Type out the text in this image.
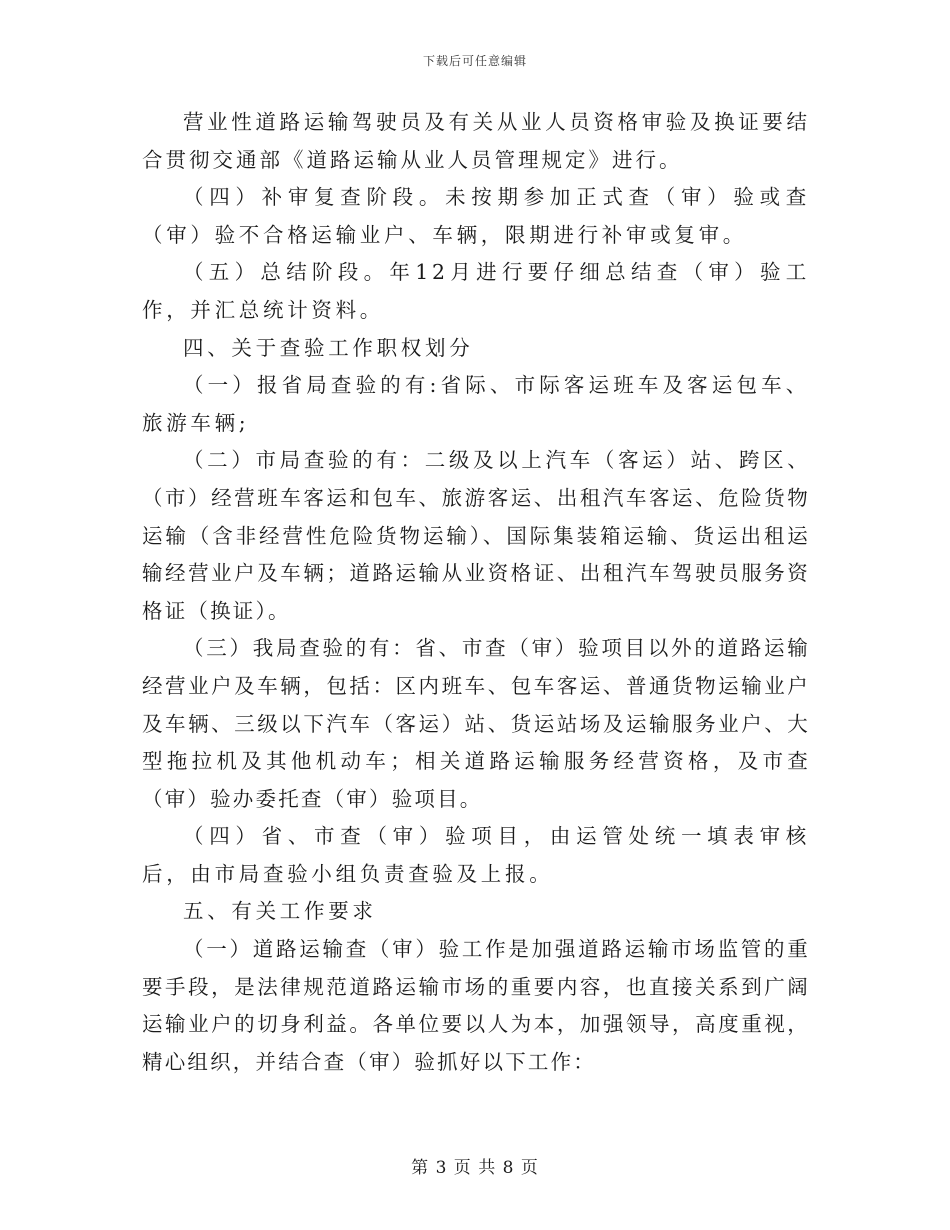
下载后可任意编辑

营业性道路运输驾驶员及有关从业人员资格审验及换证要结合贯彻交通部《道路运输从业人员管理规定》进行。

（四）补审复查阶段。未按期参加正式查（审）验或查（审）验不合格运输业户、车辆，限期进行补审或复审。

（五）总结阶段。年12月进行要仔细总结查（审）验工作，并汇总统计资料。

四、关于查验工作职权划分

（一）报省局查验的有:省际、市际客运班车及客运包车、旅游车辆;

（二）市局查验的有：二级及以上汽车（客运）站、跨区、（市）经营班车客运和包车、旅游客运、出租汽车客运、危险货物运输（含非经营性危险货物运输）、国际集装箱运输、货运出租运输经营业户及车辆；道路运输从业资格证、出租汽车驾驶员服务资格证（换证）。

（三）我局查验的有：省、市查（审）验项目以外的道路运输经营业户及车辆，包括：区内班车、包车客运、普通货物运输业户及车辆、三级以下汽车（客运）站、货运站场及运输服务业户、大型拖拉机及其他机动车；相关道路运输服务经营资格，及市查（审）验办委托查（审）验项目。

（四）省、市查（审）验项目，由运管处统一填表审核后，由市局查验小组负责查验及上报。

五、有关工作要求

（一）道路运输查（审）验工作是加强道路运输市场监管的重要手段，是法律规范道路运输市场的重要内容，也直接关系到广阔运输业户的切身利益。各单位要以人为本，加强领导，高度重视，精心组织，并结合查（审）验抓好以下工作：

第 3 页 共 8 页
